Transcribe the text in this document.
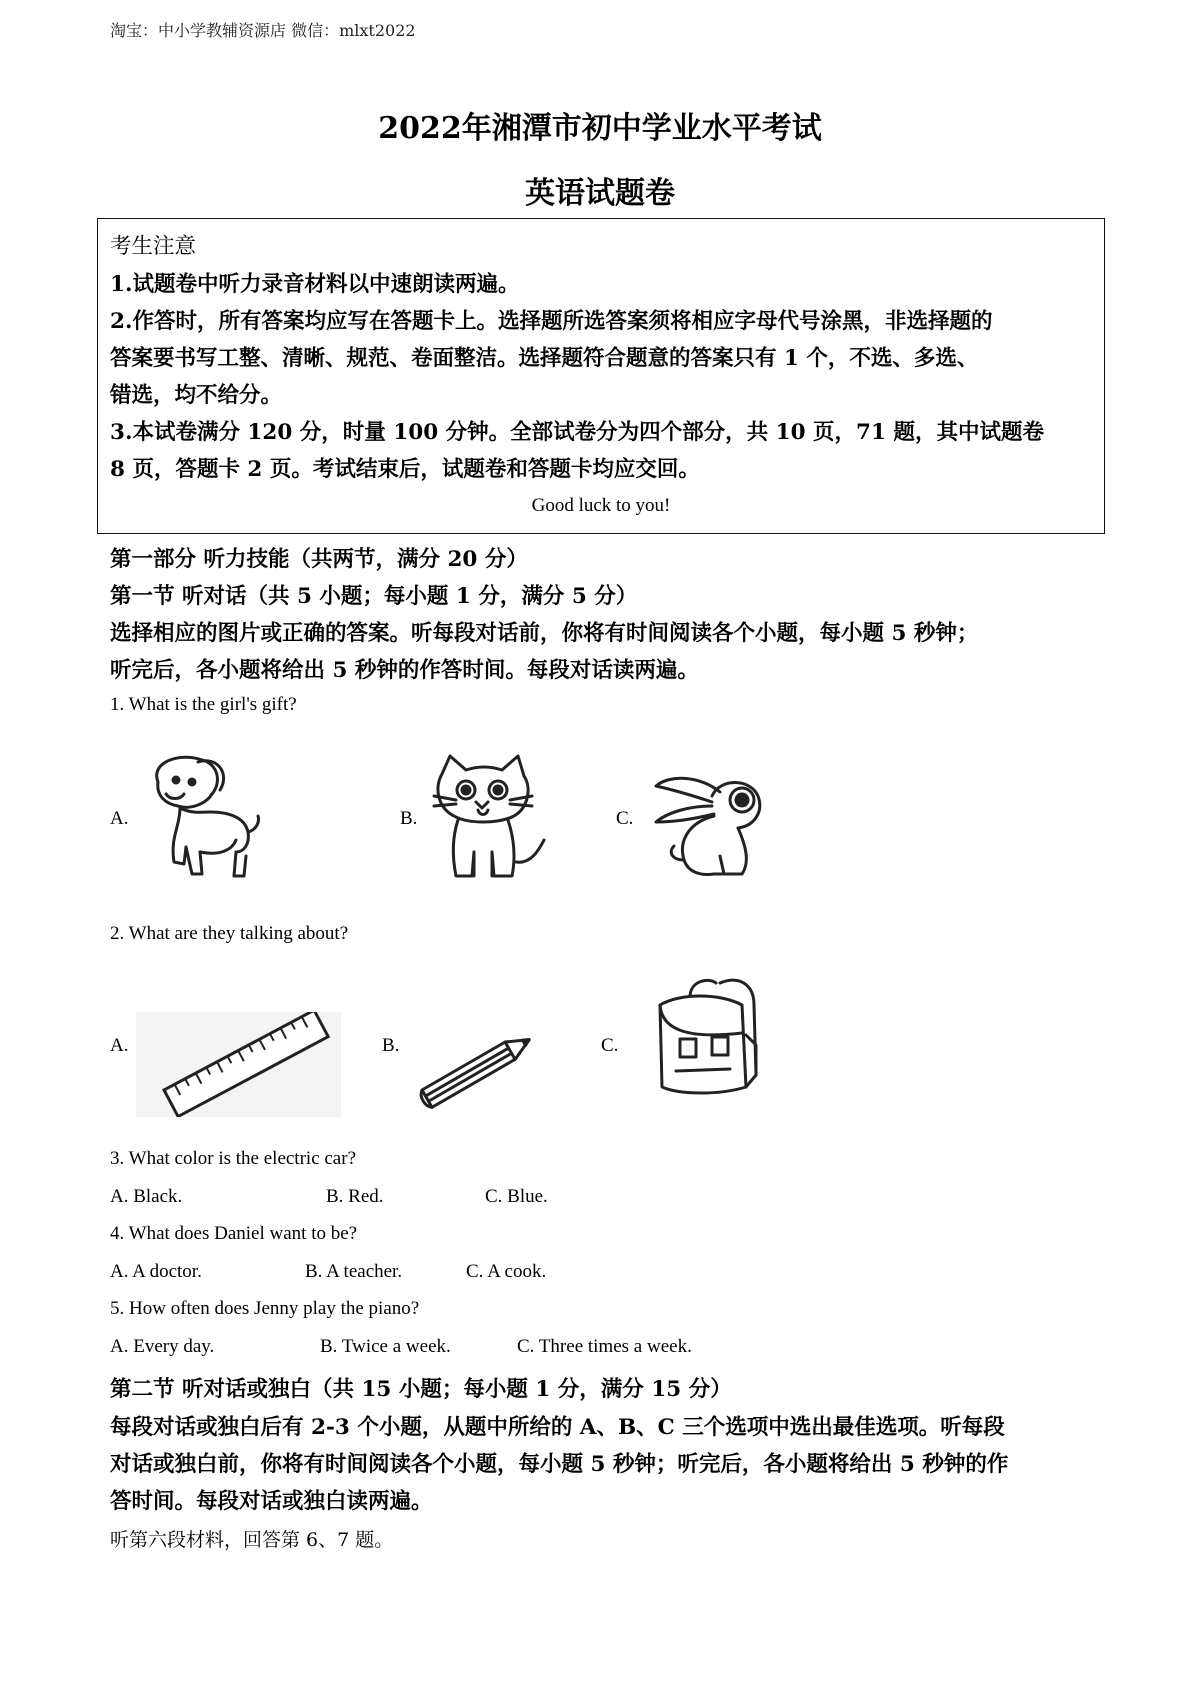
淘宝：中小学教辅资源店 微信：mlxt2022
2022年湘潭市初中学业水平考试
英语试题卷
考生注意
1.试题卷中听力录音材料以中速朗读两遍。
2.作答时，所有答案均应写在答题卡上。选择题所选答案须将相应字母代号涂黑，非选择题的
答案要书写工整、清晰、规范、卷面整洁。选择题符合题意的答案只有 1 个，不选、多选、
错选，均不给分。
3.本试卷满分 120 分，时量 100 分钟。全部试卷分为四个部分，共 10 页，71 题，其中试题卷
8 页，答题卡 2 页。考试结束后，试题卷和答题卡均应交回。
Good luck to you!
第一部分 听力技能（共两节，满分 20 分）
第一节 听对话（共 5 小题；每小题 1 分，满分 5 分）
选择相应的图片或正确的答案。听每段对话前，你将有时间阅读各个小题，每小题 5 秒钟；
听完后，各小题将给出 5 秒钟的作答时间。每段对话读两遍。
1. What is the girl's gift?
A.	B.	C.
2. What are they talking about?
A.	B.	C.
3. What color is the electric car?
A. Black.	B. Red.	C. Blue.
4. What does Daniel want to be?
A. A doctor.	B. A teacher.	C. A cook.
5. How often does Jenny play the piano?
A. Every day.	B. Twice a week.	C. Three times a week.
第二节 听对话或独白（共 15 小题；每小题 1 分，满分 15 分）
每段对话或独白后有 2-3 个小题，从题中所给的 A、B、C 三个选项中选出最佳选项。听每段
对话或独白前，你将有时间阅读各个小题，每小题 5 秒钟；听完后，各小题将给出 5 秒钟的作
答时间。每段对话或独白读两遍。
听第六段材料，回答第 6、7 题。
